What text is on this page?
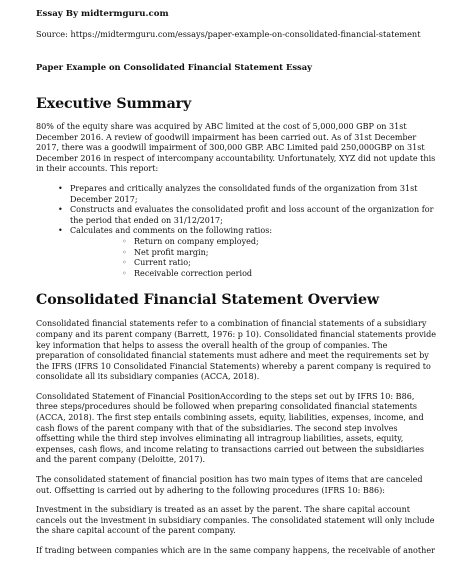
Essay By midtermguru.com
Source: https://midtermguru.com/essays/paper-example-on-consolidated-financial-statement
Paper Example on Consolidated Financial Statement Essay
Executive Summary

80% of the equity share was acquired by ABC limited at the cost of 5,000,000 GBP on 31st December 2016. A review of goodwill impairment has been carried out. As of 31st December 2017, there was a goodwill impairment of 300,000 GBP. ABC Limited paid 250,000GBP on 31st December 2016 in respect of intercompany accountability. Unfortunately, XYZ did not update this in their accounts. This report:

• Prepares and critically analyzes the consolidated funds of the organization from 31st December 2017;
• Constructs and evaluates the consolidated profit and loss account of the organization for the period that ended on 31/12/2017;
• Calculates and comments on the following ratios:
◦ Return on company employed;
◦ Net profit margin;
◦ Current ratio;
◦ Receivable correction period
Consolidated Financial Statement Overview

Consolidated financial statements refer to a combination of financial statements of a subsidiary company and its parent company (Barrett, 1976: p 10). Consolidated financial statements provide key information that helps to assess the overall health of the group of companies. The preparation of consolidated financial statements must adhere and meet the requirements set by the IFRS (IFRS 10 Consolidated Financial Statements) whereby a parent company is required to consolidate all its subsidiary companies (ACCA, 2018).

Consolidated Statement of Financial PositionAccording to the steps set out by IFRS 10: B86, three steps/procedures should be followed when preparing consolidated financial statements (ACCA, 2018). The first step entails combining assets, equity, liabilities, expenses, income, and cash flows of the parent company with that of the subsidiaries. The second step involves offsetting while the third step involves eliminating all intragroup liabilities, assets, equity, expenses, cash flows, and income relating to transactions carried out between the subsidiaries and the parent company (Deloitte, 2017).

The consolidated statement of financial position has two main types of items that are canceled out. Offsetting is carried out by adhering to the following procedures (IFRS 10: B86):

Investment in the subsidiary is treated as an asset by the parent. The share capital account cancels out the investment in subsidiary companies. The consolidated statement will only include the share capital account of the parent company.

If trading between companies which are in the same company happens, the receivable of another
